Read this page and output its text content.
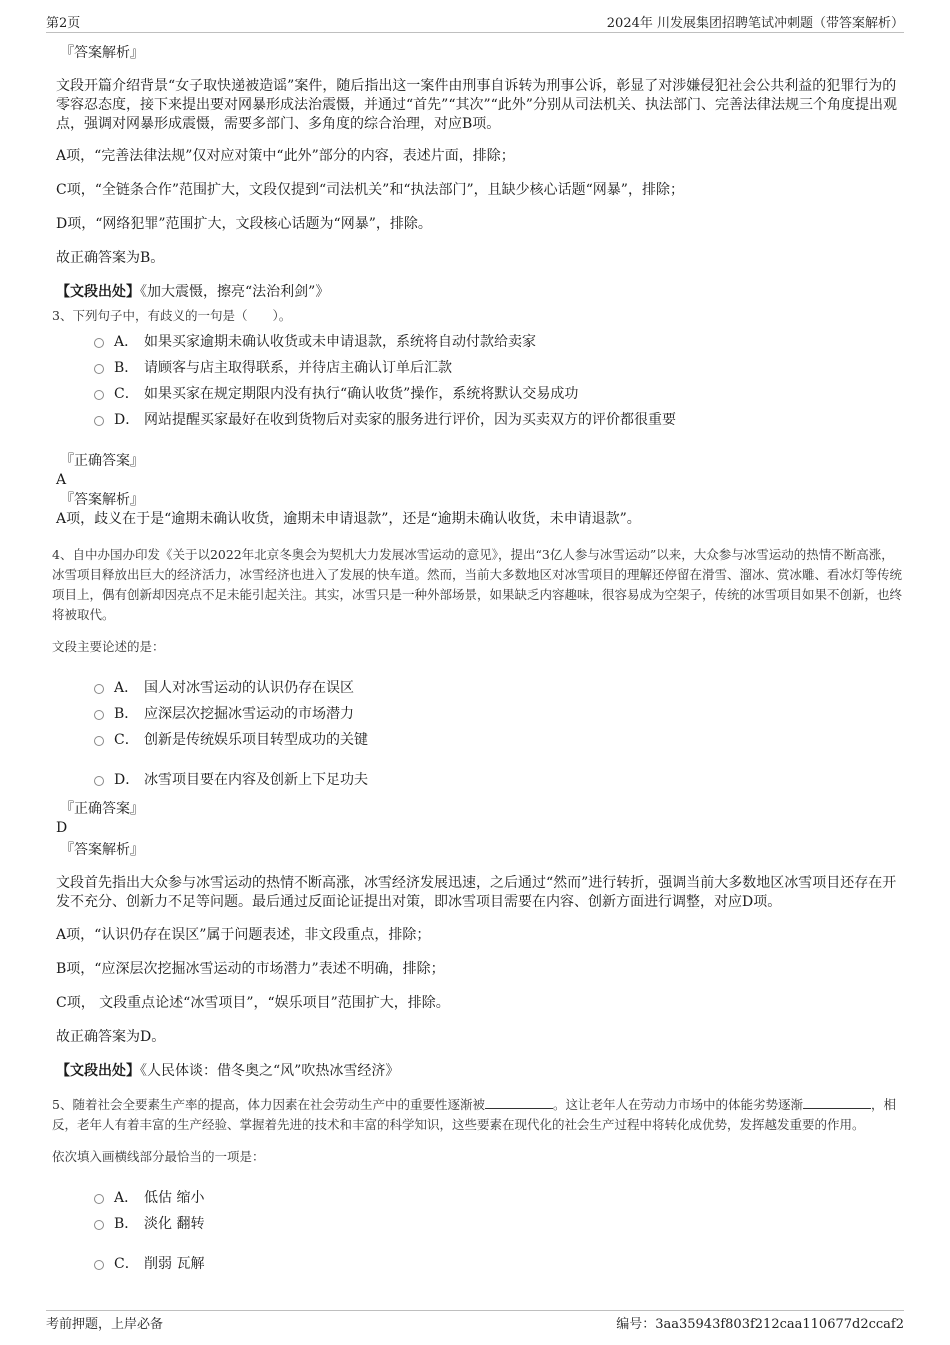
第2页	2024年 川发展集团招聘笔试冲刺题（带答案解析）
『答案解析』
文段开篇介绍背景“女子取快递被造谣”案件，随后指出这一案件由刑事自诉转为刑事公诉，彰显了对涉嫌侵犯社会公共利益的犯罪行为的零容忍态度，接下来提出要对网暴形成法治震慑，并通过“首先”“其次”“此外”分别从司法机关、执法部门、完善法律法规三个角度提出观点，强调对网暴形成震慑，需要多部门、多角度的综合治理，对应B项。
A项，“完善法律法规”仅对应对策中“此外”部分的内容，表述片面，排除；
C项，“全链条合作”范围扩大，文段仅提到“司法机关”和“执法部门”，且缺少核心话题“网暴”，排除；
D项，“网络犯罪”范围扩大，文段核心话题为“网暴”，排除。
故正确答案为B。
【文段出处】《加大震慑，擦亮“法治利剑”》
3、下列句子中，有歧义的一句是（　　）。
A． 如果买家逾期未确认收货或未申请退款，系统将自动付款给卖家
B． 请顾客与店主取得联系，并待店主确认订单后汇款
C． 如果买家在规定期限内没有执行“确认收货”操作，系统将默认交易成功
D． 网站提醒买家最好在收到货物后对卖家的服务进行评价，因为买卖双方的评价都很重要
『正确答案』
A
『答案解析』
A项，歧义在于是“逾期未确认收货，逾期未申请退款”，还是“逾期未确认收货，未申请退款”。
4、自中办国办印发《关于以2022年北京冬奥会为契机大力发展冰雪运动的意见》，提出“3亿人参与冰雪运动”以来，大众参与冰雪运动的热情不断高涨，冰雪项目释放出巨大的经济活力，冰雪经济也进入了发展的快车道。然而，当前大多数地区对冰雪项目的理解还停留在滑雪、溜冰、赏冰雕、看冰灯等传统项目上，偶有创新却因亮点不足未能引起关注。其实，冰雪只是一种外部场景，如果缺乏内容趣味，很容易成为空架子，传统的冰雪项目如果不创新，也终将被取代。
文段主要论述的是：
A． 国人对冰雪运动的认识仍存在误区
B． 应深层次挖掘冰雪运动的市场潜力
C． 创新是传统娱乐项目转型成功的关键
D． 冰雪项目要在内容及创新上下足功夫
『正确答案』
D
『答案解析』
文段首先指出大众参与冰雪运动的热情不断高涨，冰雪经济发展迅速，之后通过“然而”进行转折，强调当前大多数地区冰雪项目还存在开发不充分、创新力不足等问题。最后通过反面论证提出对策，即冰雪项目需要在内容、创新方面进行调整，对应D项。
A项，“认识仍存在误区”属于问题表述，非文段重点，排除；
B项，“应深层次挖掘冰雪运动的市场潜力”表述不明确，排除；
C项， 文段重点论述“冰雪项目”，“娱乐项目”范围扩大，排除。
故正确答案为D。
【文段出处】《人民体谈：借冬奥之“风”吹热冰雪经济》
5、随着社会全要素生产率的提高，体力因素在社会劳动生产中的重要性逐渐被	。这让老年人在劳动力市场中的体能劣势逐渐	，相反，老年人有着丰富的生产经验、掌握着先进的技术和丰富的科学知识，这些要素在现代化的社会生产过程中将转化成优势，发挥越发重要的作用。
依次填入画横线部分最恰当的一项是：
A． 低估 缩小
B． 淡化 翻转
C． 削弱 瓦解
考前押题，上岸必备	编号：3aa35943f803f212caa110677d2ccaf2
